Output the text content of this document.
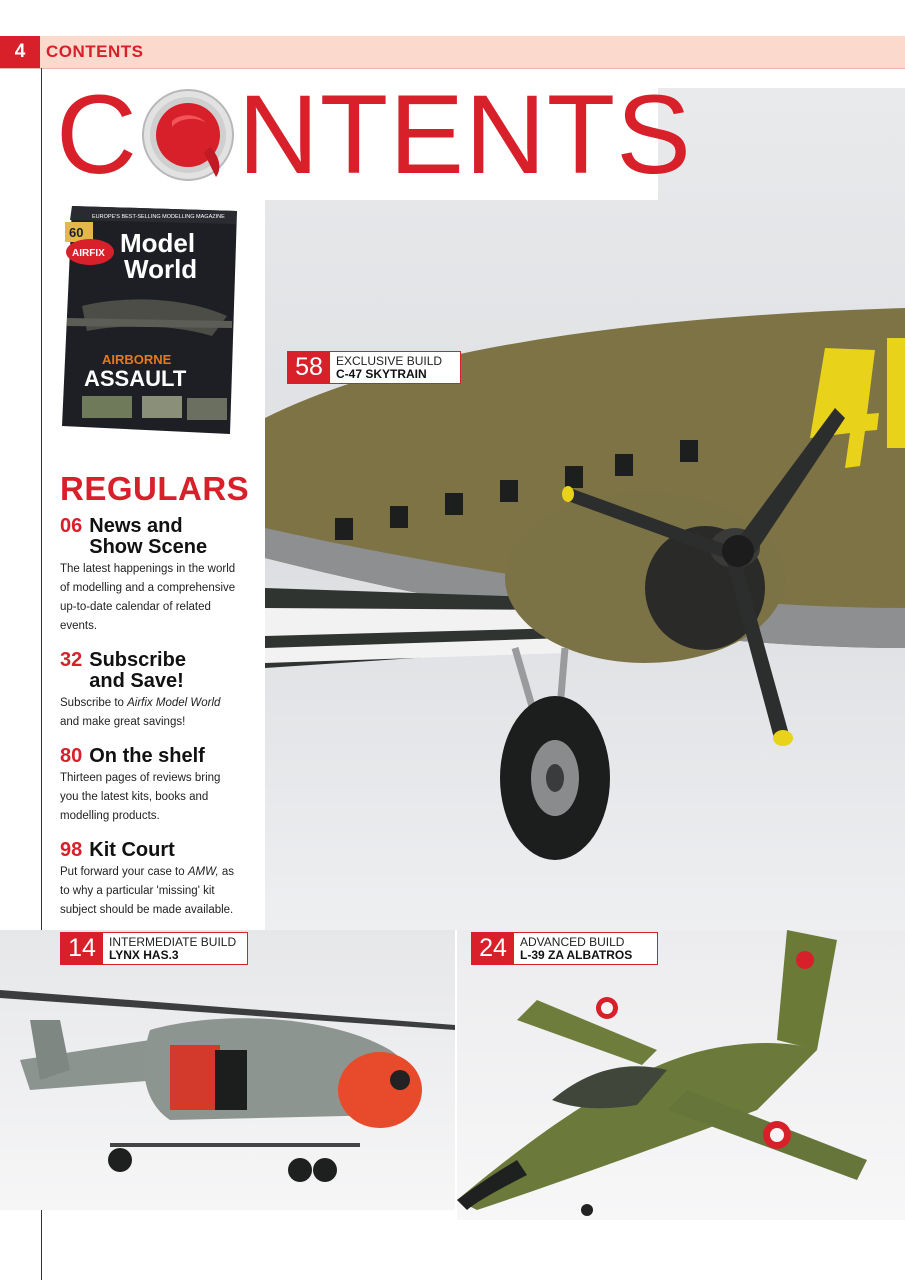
4	CONTENTS
C NTENTS
EUROPE'S BEST-SELLING MODELLING MAGAZINE
60
AIRFIX Model
World
AIRBORNE
ASSAULT
REGULARS
06 News and
Show Scene
The latest happenings in the world of modelling and a comprehensive up-to-date calendar of related events.
32 Subscribe
and Save!
Subscribe to Airfix Model World and make great savings!
80 On the shelf
Thirteen pages of reviews bring you the latest kits, books and modelling products.
98 Kit Court
Put forward your case to AMW, as to why a particular 'missing' kit subject should be made available.
58	EXCLUSIVE BUILD
C-47 SKYTRAIN
14	INTERMEDIATE BUILD
LYNX HAS.3	24	ADVANCED BUILD
L-39 ZA ALBATROS
